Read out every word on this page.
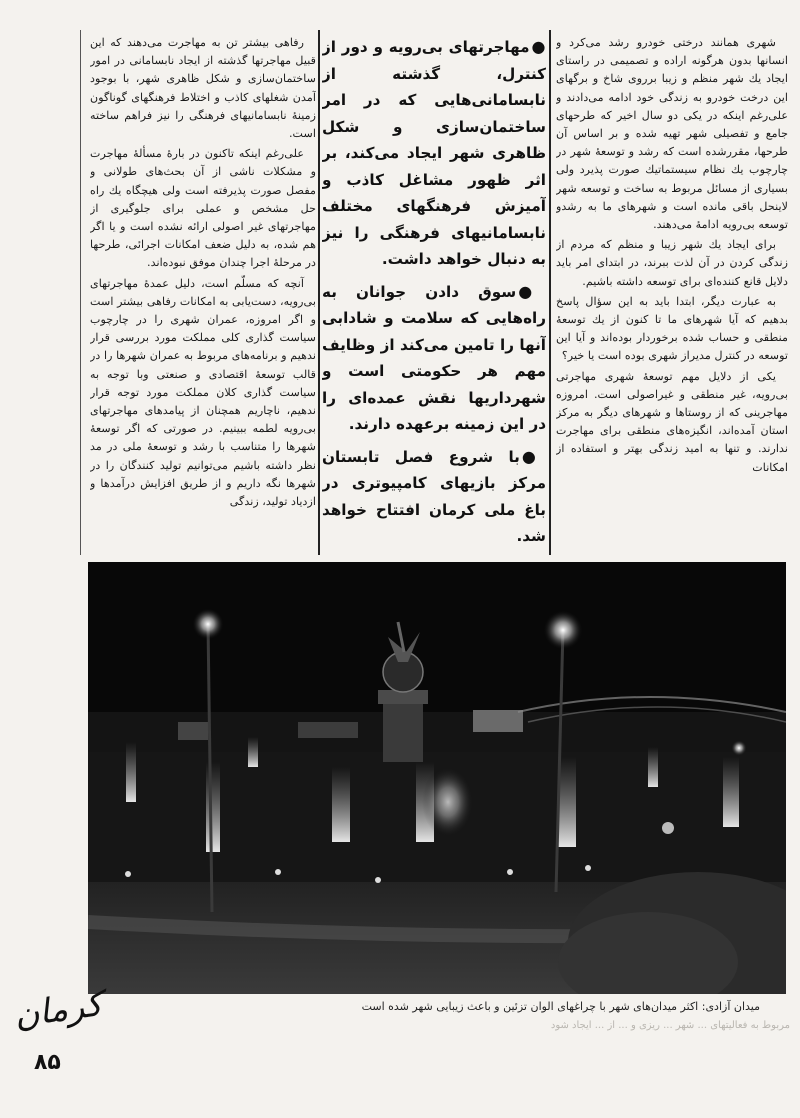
شهری همانند درختی خودرو رشد می‌کرد و انسانها بدون هرگونه اراده و تصمیمی در راستای ایجاد یك شهر منظم و زیبا برروی شاخ و برگهای این درخت خودرو به زندگی خود ادامه می‌دادند و علی‌رغم اینکه در یکی دو سال اخیر که طرحهای جامع و تفصیلی شهر تهیه شده و بر اساس آن طرحها، مقررشده است که رشد و توسعهٔ شهر در چارچوب یك نظام سیستماتیك صورت پذیرد ولی بسیاری از مسائل مربوط به ساخت و توسعه شهر لاینحل باقی مانده است و شهرهای ما به رشدو توسعه بی‌رویه ادامهٔ می‌دهند.

برای ایجاد یك شهر زیبا و منظم که مردم از زندگی کردن در آن لذت ببرند، در ابتدای امر باید دلایل قانع کننده‌ای برای توسعه داشته باشیم.

به عبارت دیگر، ابتدا باید به این سؤال پاسخ بدهیم که آیا شهرهای ما تا کنون از یك توسعهٔ منطقی و حساب شده برخوردار بوده‌اند و آیا این توسعه در کنترل مدیراز شهری بوده است یا خیر؟

یکی از دلایل مهم توسعهٔ شهری مهاجرتی بی‌رویه، غیر منطقی و غیراصولی است. امروزه مهاجرینی که از روستاها و شهرهای دیگر به مرکز استان آمده‌اند، انگیزه‌های منطقی برای مهاجرت ندارند. و تنها به امید زندگی بهتر و استفاده از امکانات

●مهاجرتهای بی‌رویه و دور از کنترل، گذشته از نابسامانی‌هایی که در امر ساختمان‌سازی و شکل ظاهری شهر ایجاد می‌کند، بر اثر ظهور مشاغل کاذب و آمیزش فرهنگهای مختلف نابسامانیهای فرهنگی را نیز به دنبال خواهد داشت.

●سوق دادن جوانان به راه‌هایی که سلامت و شادابی آنها را تامین می‌کند از وظایف مهم هر حکومتی است و شهرداریها نقش عمده‌ای را در این زمینه برعهده دارند.

●با شروع فصل تابستان مرکز بازیهای کامپیوتری در باغ ملی کرمان افتتاح خواهد شد.

رفاهی بیشتر تن به مهاجرت می‌دهند که این قبیل مهاجرتها گذشته از ایجاد نابسامانی در امور ساختمان‌سازی و شکل ظاهری شهر، با بوجود آمدن شغلهای کاذب و اختلاط فرهنگهای گوناگون زمینهٔ نابسامانیهای فرهنگی را نیز فراهم ساخته است.

علی‌رغم اینکه تاکنون در بارهٔ مسألهٔ مهاجرت و مشکلات ناشی از آن بحث‌های طولانی و مفصل صورت پذیرفته است ولی هیچگاه یك راه حل مشخص و عملی برای جلوگیری از مهاجرتهای غیر اصولی ارائه نشده است و یا اگر هم شده، به دلیل ضعف امکانات اجرائی، طرحها در مرحلهٔ اجرا چندان موفق نبوده‌اند.

آنچه که مسلّم است، دلیل عمدهٔ مهاجرتهای بی‌رویه، دست‌یابی به امکانات رفاهی بیشتر است و اگر امروزه، عمران شهری را در چارچوب سیاست گذاری کلی مملکت مورد بررسی قرار ندهیم و برنامه‌های مربوط به عمران شهرها را در قالب توسعهٔ اقتصادی و صنعتی وبا توجه به سیاست گذاری کلان مملکت مورد توجه قرار ندهیم، ناچاریم همچنان از پیامدهای مهاجرتهای بی‌رویه لطمه ببینیم. در صورتی که اگر توسعهٔ شهرها را متناسب با رشد و توسعهٔ ملی در مد نظر داشته باشیم می‌توانیم تولید کنندگان را در شهرها نگه داریم و از طریق افزایش درآمدها و ازدیاد تولید، زندگی

میدان آزادی: اکثر میدان‌های شهر با چراغهای الوان تزئین و باعث زیبایی شهر شده است
مربوط به فعالیتهای ... شهر ... ریزی و ... از ... ایجاد شود
کرمان
۸۵
